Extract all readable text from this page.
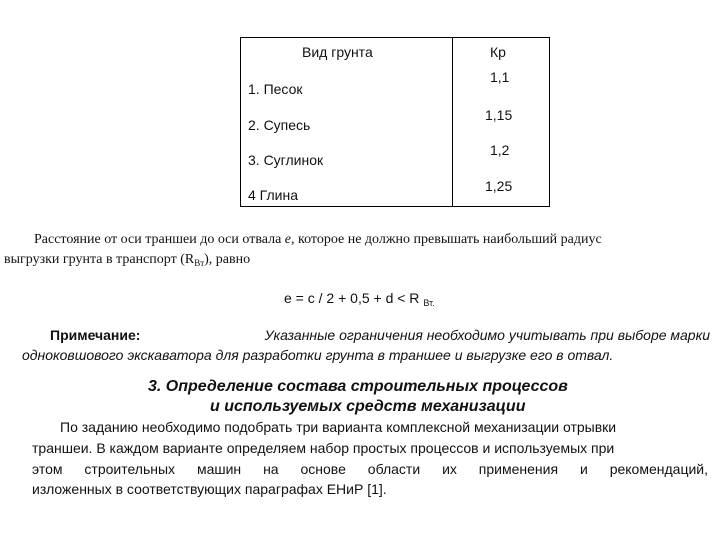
Вид грунта	Кр
1. Песок
1,1
2. Супесь
1,15
3. Суглинок
1,2
4 Глина
1,25
Расстояние от оси траншеи до оси отвала е, которое не должно превышать наибольший радиус
выгрузки грунта в транспорт $(R_{Вт})$, равно
е = с / 2 + 0,5 + d < R $_{Вт.}$
Примечание:	Указанные ограничения необходимо учитывать при выборе марки
одноковшового экскаватора для разработки грунта в траншее и выгрузке его в отвал.
3. Определение состава строительных процессов
и используемых средств механизации
По заданию необходимо подобрать три варианта комплексной механизации отрывки
траншеи. В каждом варианте определяем набор простых процессов и используемых при
этом строительных машин на основе области их применения и рекомендаций,
изложенных в соответствующих параграфах ЕНиР [1].
